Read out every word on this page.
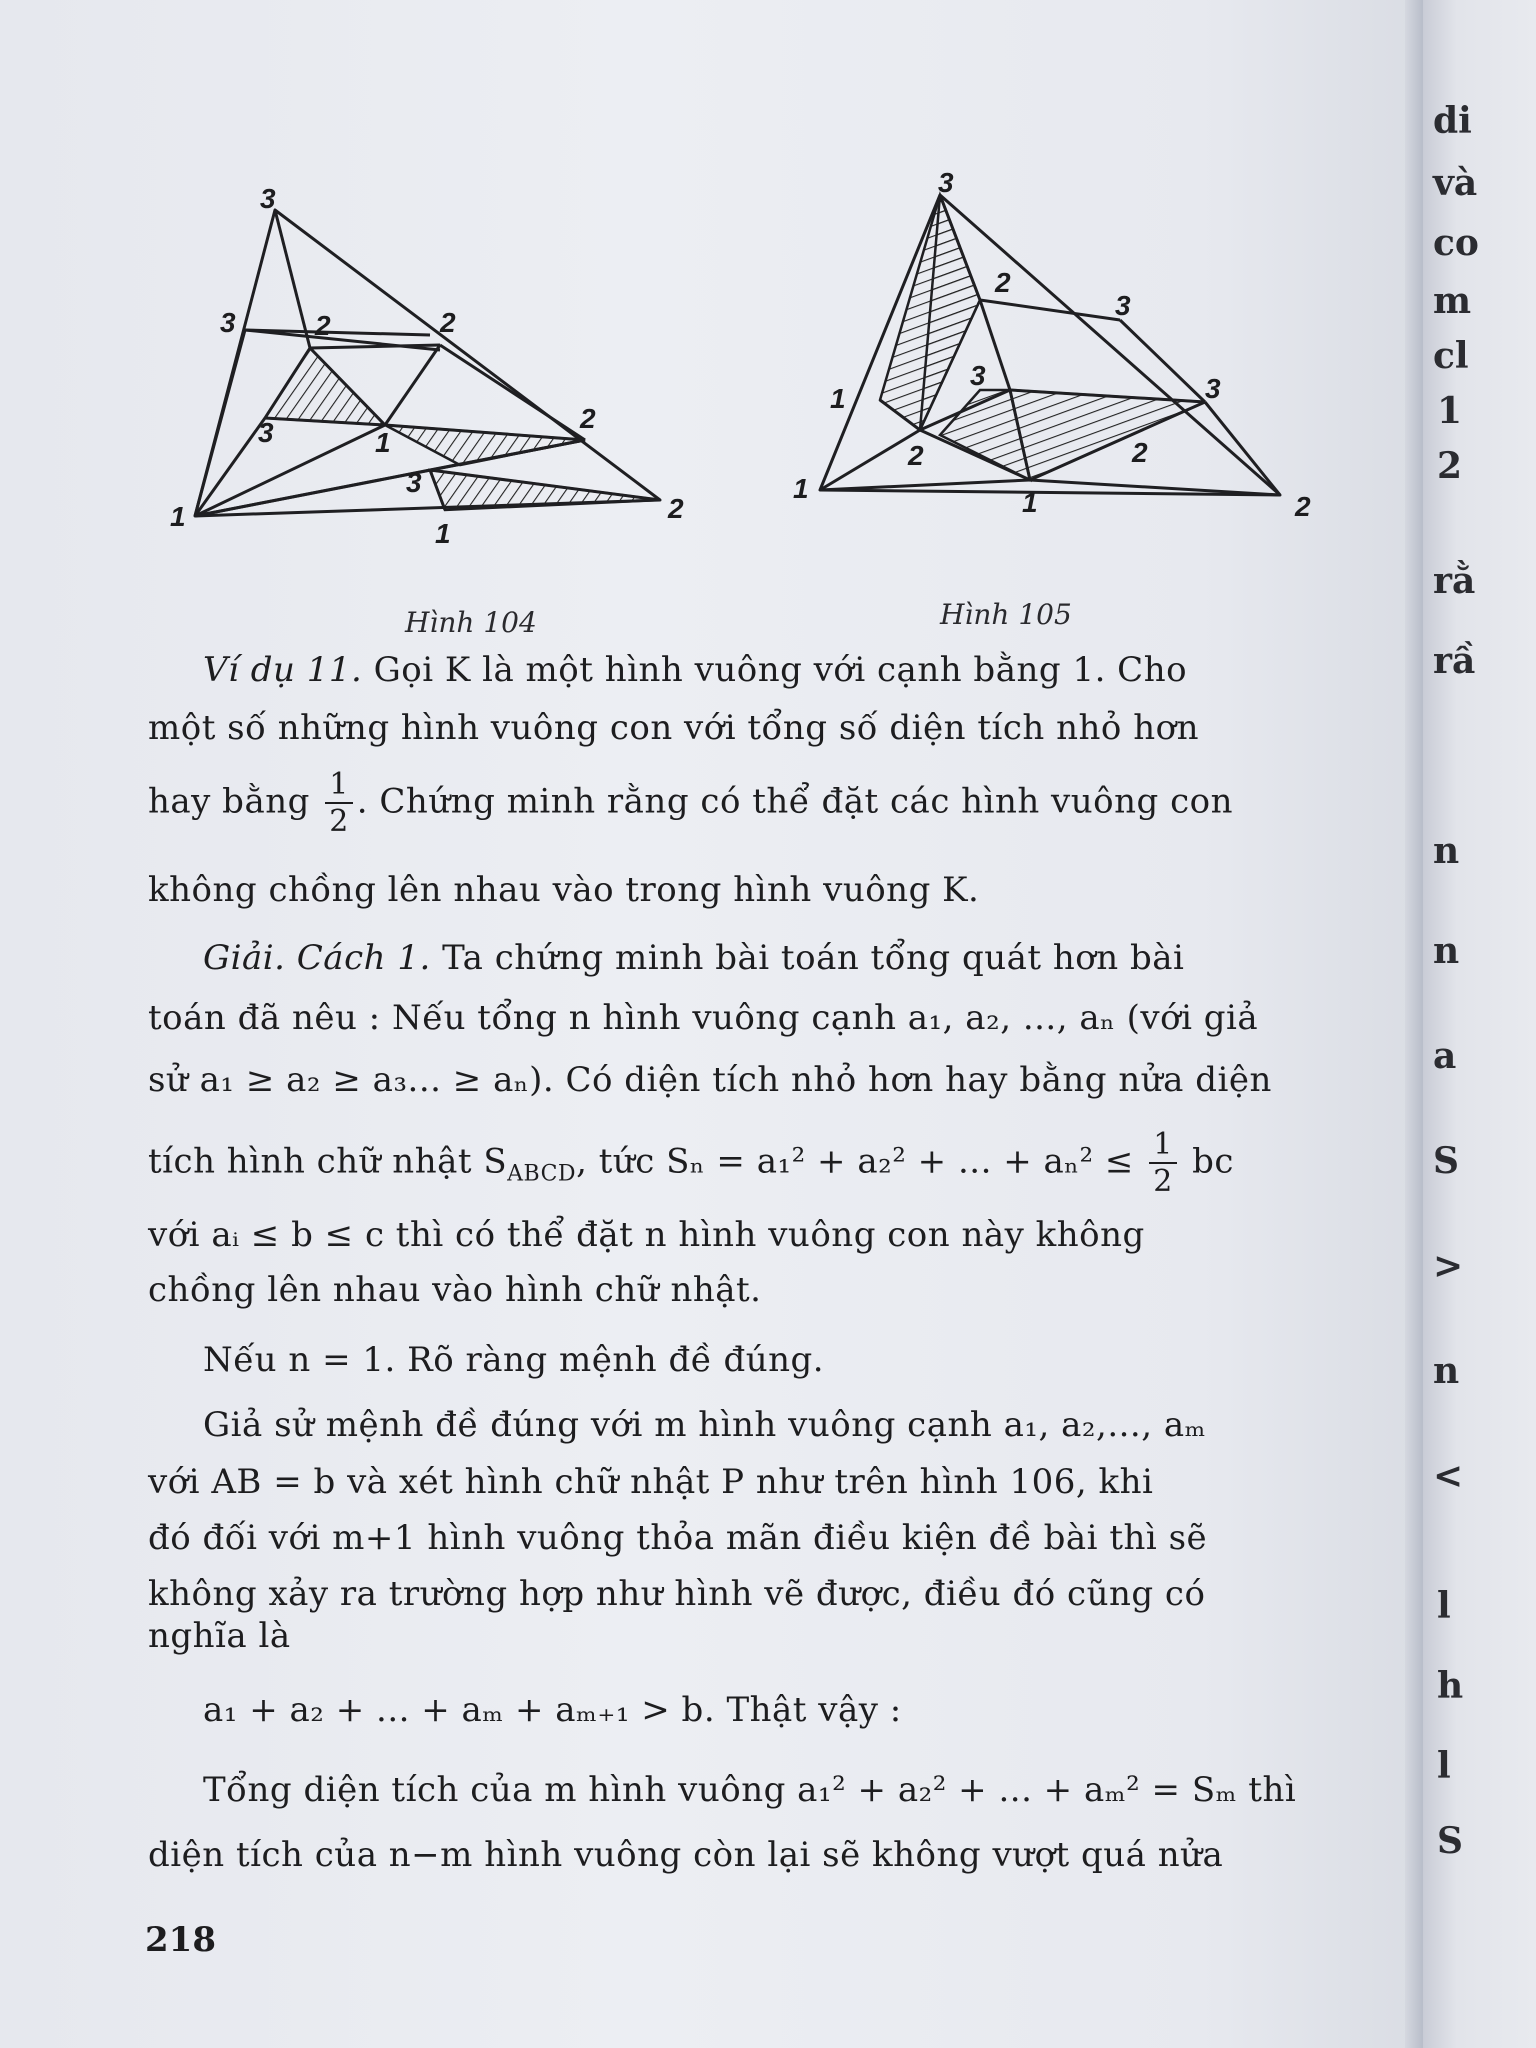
di
và
co
m
cl
1
2
rằ
rầ
n
n
a
S
>
n
<
l
h
l
S
3
3	2	2
3	1
2
3
1
1
2
Hình 104
3
2
3
3	3
1
2	2
1	1	2
Hình 105
Ví dụ 11. Gọi K là một hình vuông với cạnh bằng 1. Cho
một số những hình vuông con với tổng số diện tích nhỏ hơn
hay bằng $\frac{1}{2}$ . Chứng minh rằng có thể đặt các hình vuông con
không chồng lên nhau vào trong hình vuông K.
Giải. Cách 1. Ta chứng minh bài toán tổng quát hơn bài
toán đã nêu : Nếu tổng n hình vuông cạnh a₁, a₂, ..., aₙ (với giả
sử a₁ ≥ a₂ ≥ a₃... ≥ aₙ). Có diện tích nhỏ hơn hay bằng nửa diện
tích hình chữ nhật $S_{ABCD}$, tức Sₙ = a₁² + a₂² + ... + $a_n^2 \le \frac{1}{2}$ bc
với aᵢ ≤ b ≤ c thì có thể đặt n hình vuông con này không
chồng lên nhau vào hình chữ nhật.
Nếu n = 1. Rõ ràng mệnh đề đúng.
Giả sử mệnh đề đúng với m hình vuông cạnh a₁, a₂,..., aₘ
với AB = b và xét hình chữ nhật P như trên hình 106, khi
đó đối với m+1 hình vuông thỏa mãn điều kiện đề bài thì sẽ
không xảy ra trường hợp như hình vẽ được, điều đó cũng có
nghĩa là
a₁ + a₂ + ... + aₘ + aₘ₊₁ > b. Thật vậy :
Tổng diện tích của m hình vuông a₁² + a₂² + ... + aₘ² = Sₘ thì
diện tích của n−m hình vuông còn lại sẽ không vượt quá nửa
218
